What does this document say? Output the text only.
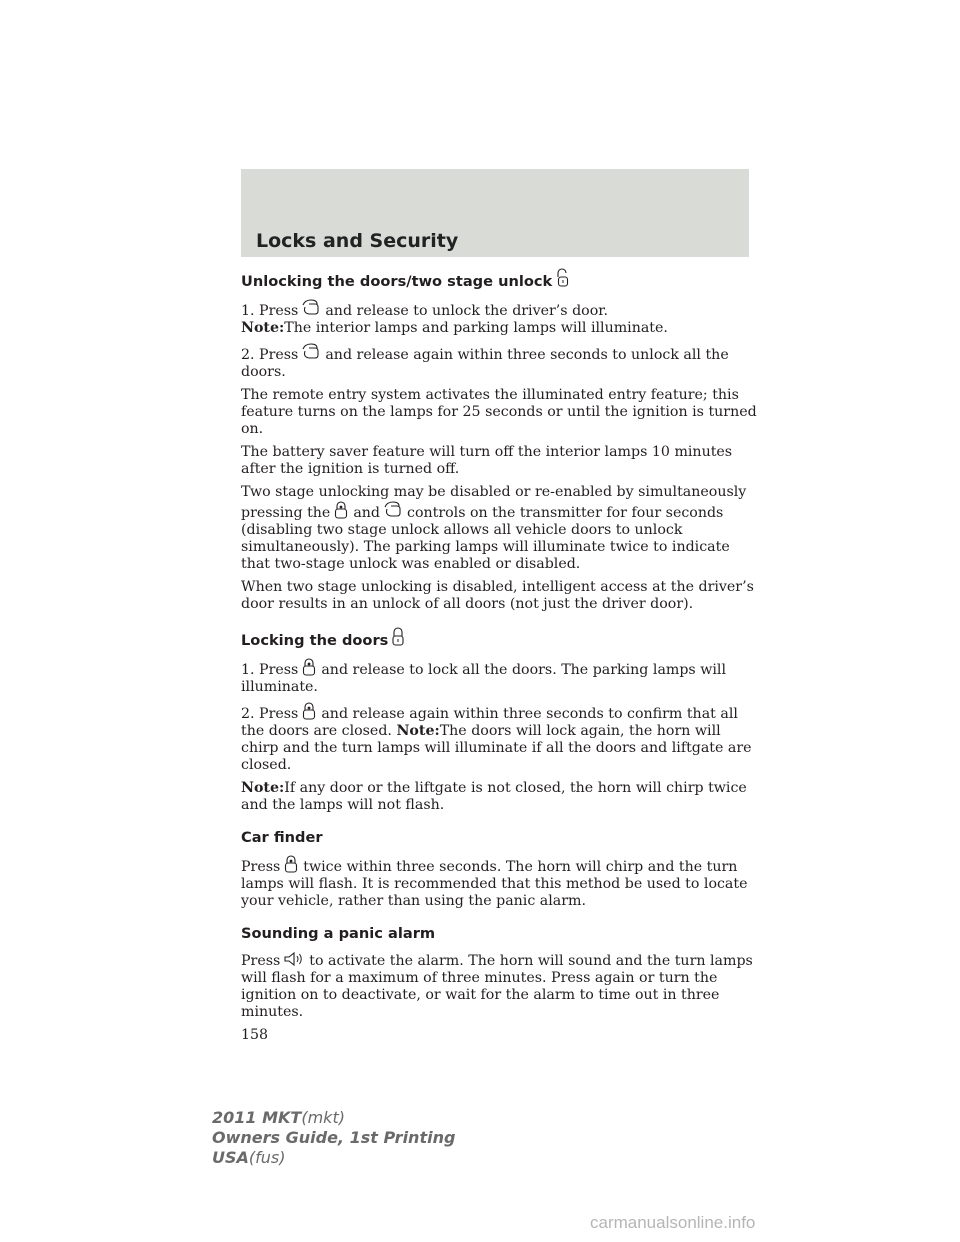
Locks and Security
Unlocking the doors/two stage unlock

1. Press and release to unlock the driver’s door.
Note:The interior lamps and parking lamps will illuminate.

2. Press and release again within three seconds to unlock all the doors.

The remote entry system activates the illuminated entry feature; this feature turns on the lamps for 25 seconds or until the ignition is turned on.

The battery saver feature will turn off the interior lamps 10 minutes after the ignition is turned off.

Two stage unlocking may be disabled or re-enabled by simultaneously pressing the and controls on the transmitter for four seconds (disabling two stage unlock allows all vehicle doors to unlock simultaneously). The parking lamps will illuminate twice to indicate that two-stage unlock was enabled or disabled.

When two stage unlocking is disabled, intelligent access at the driver’s door results in an unlock of all doors (not just the driver door).

Locking the doors

1. Press and release to lock all the doors. The parking lamps will illuminate.

2. Press and release again within three seconds to confirm that all the doors are closed. Note:The doors will lock again, the horn will chirp and the turn lamps will illuminate if all the doors and liftgate are closed.

Note:If any door or the liftgate is not closed, the horn will chirp twice and the lamps will not flash.

Car finder

Press twice within three seconds. The horn will chirp and the turn lamps will flash. It is recommended that this method be used to locate your vehicle, rather than using the panic alarm.

Sounding a panic alarm

Press to activate the alarm. The horn will sound and the turn lamps will flash for a maximum of three minutes. Press again or turn the ignition on to deactivate, or wait for the alarm to time out in three minutes.

158
2011 MKT(mkt)
Owners Guide, 1st Printing
USA(fus)
carmanualsonline.info
